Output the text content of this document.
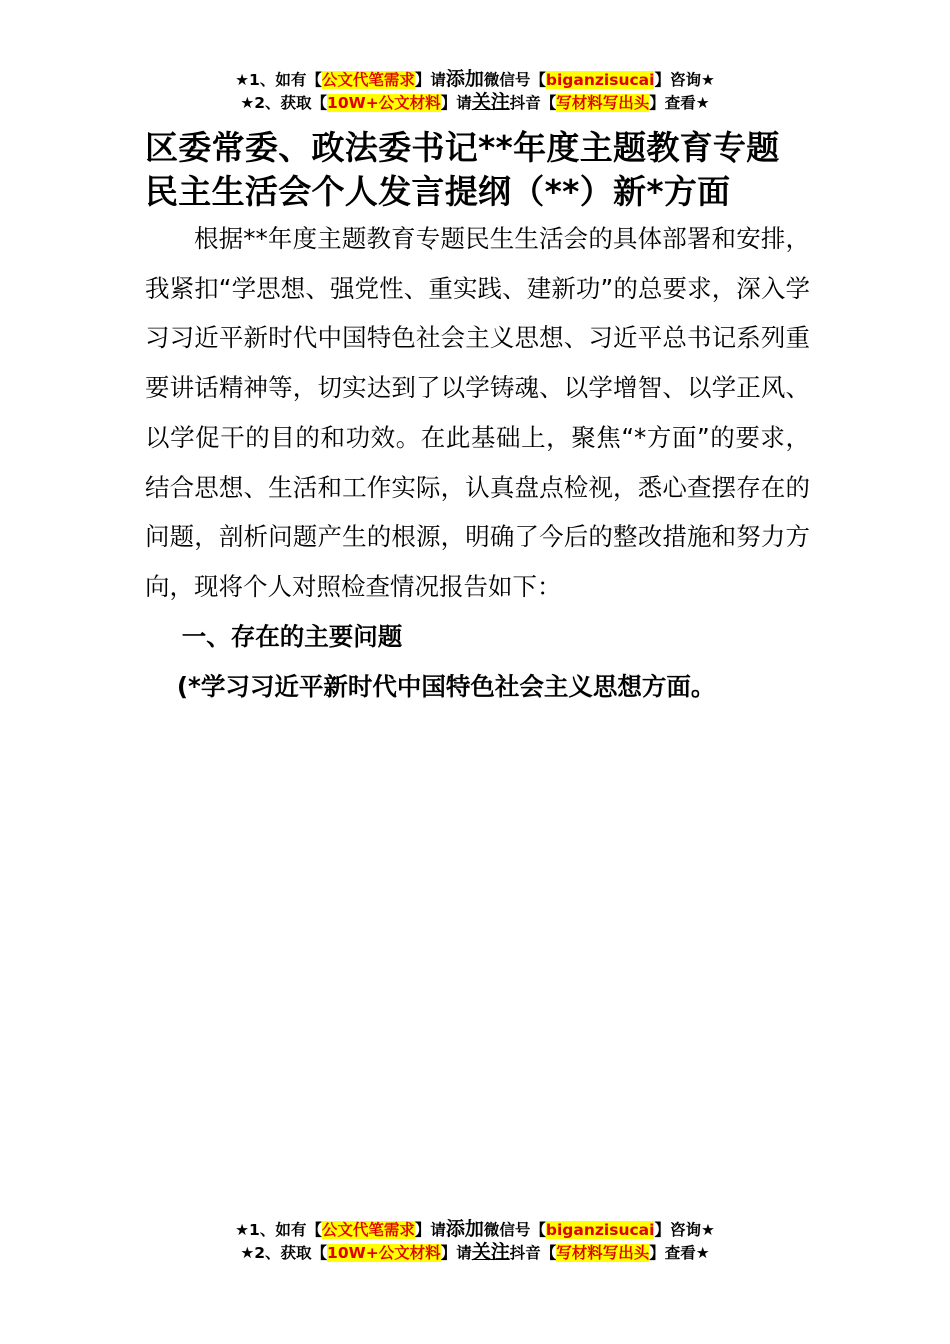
★1、如有【公文代笔需求】请添加微信号【biganzisucai】咨询★
★2、获取【10W+公文材料】请关注抖音【写材料写出头】查看★
区委常委、政法委书记**年度主题教育专题民主生活会个人发言提纲（**）新*方面

根据**年度主题教育专题民生生活会的具体部署和安排，我紧扣“学思想、强党性、重实践、建新功”的总要求，深入学习习近平新时代中国特色社会主义思想、习近平总书记系列重要讲话精神等，切实达到了以学铸魂、以学增智、以学正风、以学促干的目的和功效。在此基础上，聚焦“*方面”的要求，结合思想、生活和工作实际，认真盘点检视，悉心查摆存在的问题，剖析问题产生的根源，明确了今后的整改措施和努力方向，现将个人对照检查情况报告如下：

一、存在的主要问题

(*学习习近平新时代中国特色社会主义思想方面。

★1、如有【公文代笔需求】请添加微信号【biganzisucai】咨询★
★2、获取【10W+公文材料】请关注抖音【写材料写出头】查看★
